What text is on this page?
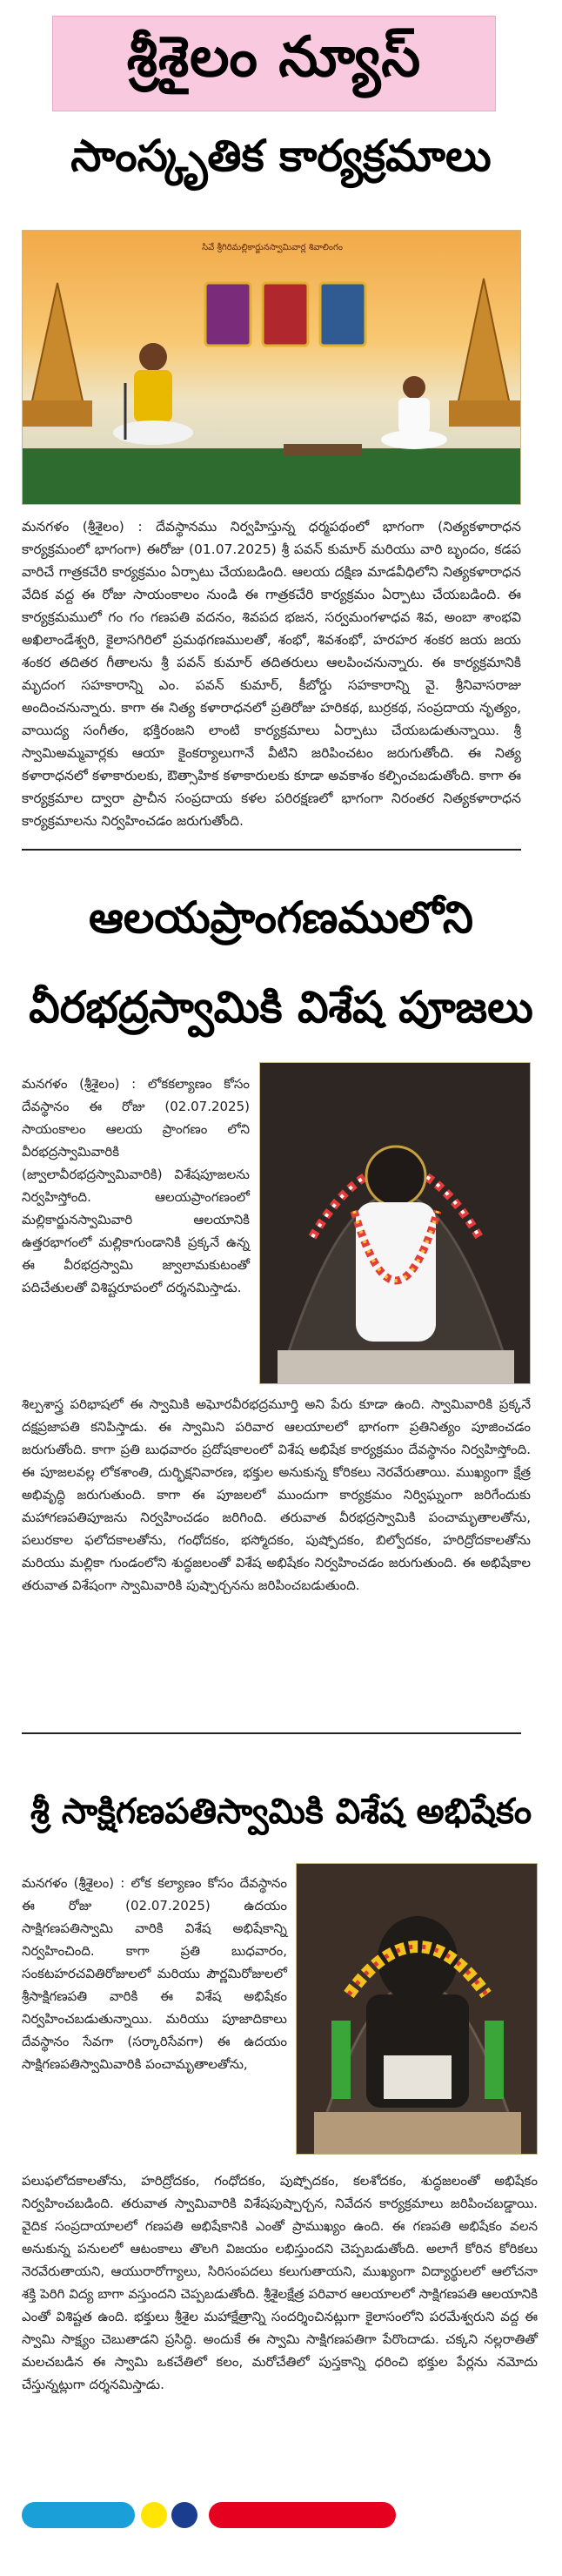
శ్రీశైలం న్యూస్
సాంస్కృతిక కార్యక్రమాలు
సివే శ్రీగిరి‌మల్లికార్జునస్వామివార్ల శివాలింగం

మనగళం (శ్రీశైలం) : దేవస్థానము నిర్వహిస్తున్న ధర్మపథంలో భాగంగా (నిత్యకళారాధన కార్యక్రమంలో భాగంగా) ఈరోజు (01.07.2025) శ్రీ పవన్ కుమార్ మరియు వారి బృందం, కడప వారిచే గాత్రకచేరి కార్యక్రమం ఏర్పాటు చేయబడింది. ఆలయ దక్షిణ మాడవీధిలోని నిత్యకళారాధన వేదిక వద్ద ఈ రోజు సాయంకాలం నుండి ఈ గాత్రకచేరి కార్యక్రమం ఏర్పాటు చేయబడింది. ఈ కార్యక్రమములో గం గం గణపతి వదనం, శివపద భజన, సర్వమంగళాధవ శివ, అంబా శాంభవి అఖిలాండేశ్వరి, కైలాసగిరిలో ప్రమథగణములతో, శంభో, శివశంభో, హరహర శంకర జయ జయ శంకర తదితర గీతాలను శ్రీ పవన్ కుమార్ తదితరులు ఆలపించనున్నారు. ఈ కార్యక్రమానికి మృదంగ సహకారాన్ని ఎం. పవన్ కుమార్, కీబోర్డు సహకారాన్ని వై. శ్రీనివాసరాజు అందించనున్నారు. కాగా ఈ నిత్య కళారాధనలో ప్రతిరోజు హరికథ, బుర్రకథ, సంప్రదాయ నృత్యం, వాయిద్య సంగీతం, భక్తిరంజని లాంటి కార్యక్రమాలు ఏర్పాటు చేయబడుతున్నాయి. శ్రీ స్వామిఅమ్మవార్లకు ఆయా కైంకర్యాలుగానే వీటిని జరిపించటం జరుగుతోంది. ఈ నిత్య కళారాధనలో కళాకారులకు, ఔత్సాహిక కళాకారులకు కూడా అవకాశం కల్పించబడుతోంది. కాగా ఈ కార్యక్రమాల ద్వారా ప్రాచీన సంప్రదాయ కళల పరిరక్షణలో భాగంగా నిరంతర నిత్యకళారాధన కార్యక్రమాలను నిర్వహించడం జరుగుతోంది.

ఆలయప్రాంగణములోని
వీరభద్రస్వామికి విశేష పూజలు

మనగళం (శ్రీశైలం) : లోకకల్యాణం కోసం దేవస్థానం ఈ రోజు (02.07.2025) సాయంకాలం ఆలయ ప్రాంగణం లోని వీరభద్రస్వామివారికి (జ్వాలావీరభద్రస్వామివారికి) విశేషపూజలను నిర్వహిస్తోంది. ఆలయప్రాంగణంలో మల్లికార్జునస్వామివారి ఆలయానికి ఉత్తరభాగంలో మల్లికాగుండానికి ప్రక్కనే ఉన్న ఈ వీరభద్రస్వామి జ్వాలామకుటంతో పదిచేతులతో విశిష్టరూపంలో దర్శనమిస్తాడు.

శిల్పశాస్త్ర పరిభాషలో ఈ స్వామికి అఘోరవీరభద్రమూర్తి అని పేరు కూడా ఉంది. స్వామివారికి ప్రక్కనే దక్షప్రజాపతి కనిపిస్తాడు. ఈ స్వామిని పరివార ఆలయాలలో భాగంగా ప్రతినిత్యం పూజించడం జరుగుతోంది. కాగా ప్రతి బుధవారం ప్రదోషకాలంలో విశేష అభిషేక కార్యక్రమం దేవస్థానం నిర్వహిస్తోంది. ఈ పూజలవల్ల లోకశాంతి, దుర్భిక్షనివారణ, భక్తుల అనుకున్న కోరికలు నెరవేరుతాయి. ముఖ్యంగా క్షేత్ర అభివృద్ధి జరుగుతుంది. కాగా ఈ పూజలలో ముందుగా కార్యక్రమం నిర్విఘ్నంగా జరిగేందుకు మహాగణపతిపూజను నిర్వహించడం జరిగింది. తరువాత వీరభద్రస్వామికి పంచామృతాలతోను, పలురకాల ఫలోదకాలతోను, గంధోదకం, భస్మోదకం, పుష్పోదకం, బిల్వోదకం, హరిద్రోదకాలతోను మరియు మల్లికా గుండంలోని శుద్ధజలంతో విశేష అభిషేకం నిర్వహించడం జరుగుతుంది. ఈ అభిషేకాల తరువాత విశేషంగా స్వామివారికి పుష్పార్చనను జరిపించబడుతుంది.

శ్రీ సాక్షిగణపతిస్వామికి విశేష అభిషేకం

మనగళం (శ్రీశైలం) : లోక కల్యాణం కోసం దేవస్థానం ఈ రోజు (02.07.2025) ఉదయం సాక్షిగణపతిస్వామి వారికి విశేష అభిషేకాన్ని నిర్వహించింది. కాగా ప్రతి బుధవారం, సంకటహరచవితిరోజులలో మరియు పౌర్ణమిరోజులలో శ్రీసాక్షిగణపతి వారికి ఈ విశేష అభిషేకం నిర్వహించబడుతున్నాయి. మరియు పూజాదికాలు దేవస్థానం సేవగా (సర్కారిసేవగా) ఈ ఉదయం సాక్షిగణపతిస్వామివారికి పంచామృతాలతోను,

పలుఫలోదకాలతోను, హరిద్రోదకం, గంధోదకం, పుష్పోదకం, కలశోదకం, శుద్ధజలంతో అభిషేకం నిర్వహించబడింది. తరువాత స్వామివారికి విశేషపుష్పార్చన, నివేదన కార్యక్రమాలు జరిపించబడ్డాయి. వైదిక సంప్రదాయాలలో గణపతి అభిషేకానికి ఎంతో ప్రాముఖ్యం ఉంది. ఈ గణపతి అభిషేకం వలన అనుకున్న పనులలో ఆటంకాలు తొలగి విజయం లభిస్తుందని చెప్పబడుతోంది. అలాగే కోరిన కోరికలు నెరవేరుతాయని, ఆయురారోగ్యాలు, సిరిసంపదలు కలుగుతాయని, ముఖ్యంగా విద్యార్థులలో ఆలోచనా శక్తి పెరిగి విద్య బాగా వస్తుందని చెప్పబడుతోంది. శ్రీశైలక్షేత్ర పరివార ఆలయాలలో సాక్షిగణపతి ఆలయానికి ఎంతో విశిష్టత ఉంది. భక్తులు శ్రీశైల మహాక్షేత్రాన్ని సందర్శించినట్లుగా కైలాసంలోని పరమేశ్వరుని వద్ద ఈ స్వామి సాక్ష్యం చెబుతాడని ప్రసిద్ధి. అందుకే ఈ స్వామి సాక్షిగణపతిగా పేరొందాడు. చక్కని నల్లరాతితో మలచబడిన ఈ స్వామి ఒకచేతిలో కలం, మరోచేతిలో పుస్తకాన్ని ధరించి భక్తుల పేర్లను నమోదు చేస్తున్నట్లుగా దర్శనమిస్తాడు.
